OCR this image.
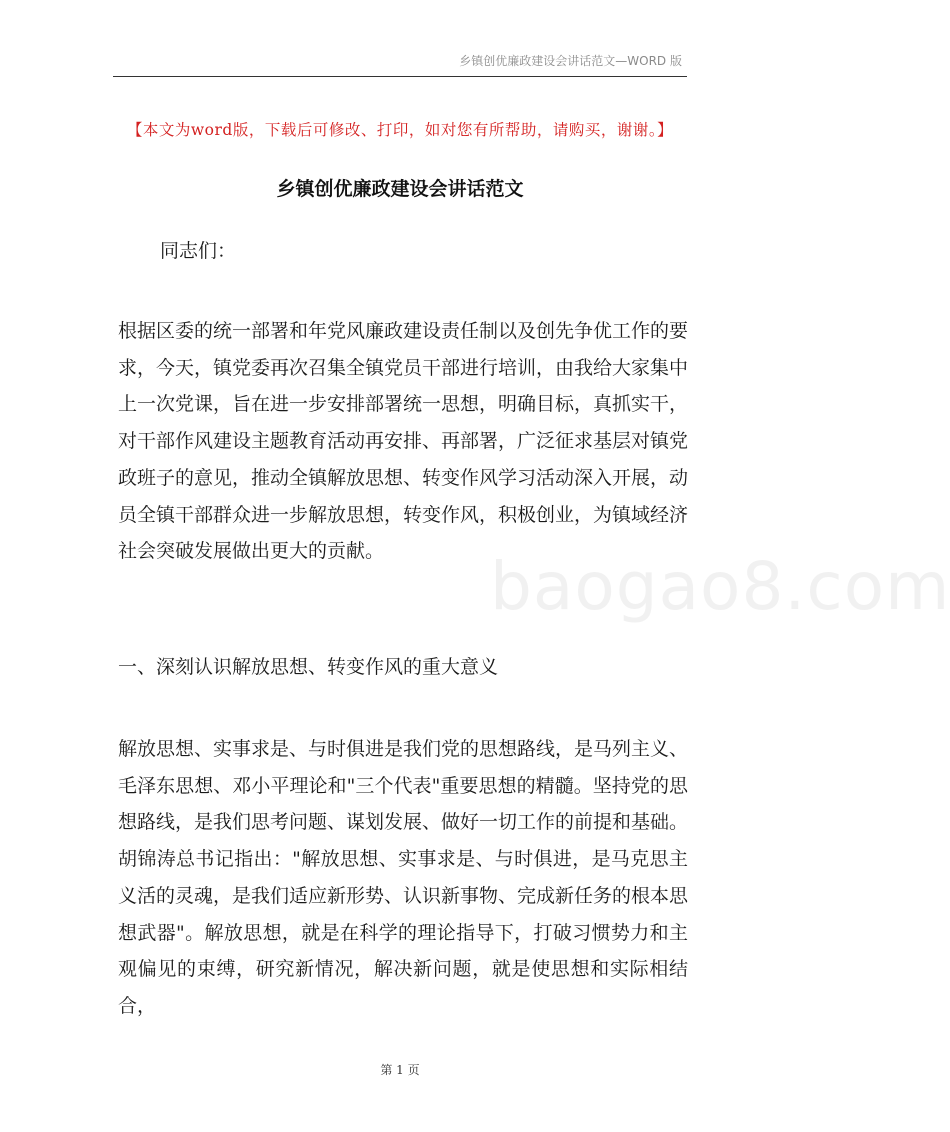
乡镇创优廉政建设会讲话范文—WORD 版
baogao8.com
【本文为word版，下载后可修改、打印，如对您有所帮助，请购买，谢谢。】
乡镇创优廉政建设会讲话范文
同志们：
根据区委的统一部署和年党风廉政建设责任制以及创先争优工作的要求，今天，镇党委再次召集全镇党员干部进行培训，由我给大家集中上一次党课，旨在进一步安排部署统一思想，明确目标，真抓实干，对干部作风建设主题教育活动再安排、再部署，广泛征求基层对镇党政班子的意见，推动全镇解放思想、转变作风学习活动深入开展，动员全镇干部群众进一步解放思想，转变作风，积极创业，为镇域经济社会突破发展做出更大的贡献。
一、深刻认识解放思想、转变作风的重大意义
解放思想、实事求是、与时俱进是我们党的思想路线，是马列主义、毛泽东思想、邓小平理论和"三个代表"重要思想的精髓。坚持党的思想路线，是我们思考问题、谋划发展、做好一切工作的前提和基础。胡锦涛总书记指出："解放思想、实事求是、与时俱进，是马克思主义活的灵魂，是我们适应新形势、认识新事物、完成新任务的根本思想武器"。解放思想，就是在科学的理论指导下，打破习惯势力和主观偏见的束缚，研究新情况，解决新问题，就是使思想和实际相结合，
第 1 页
